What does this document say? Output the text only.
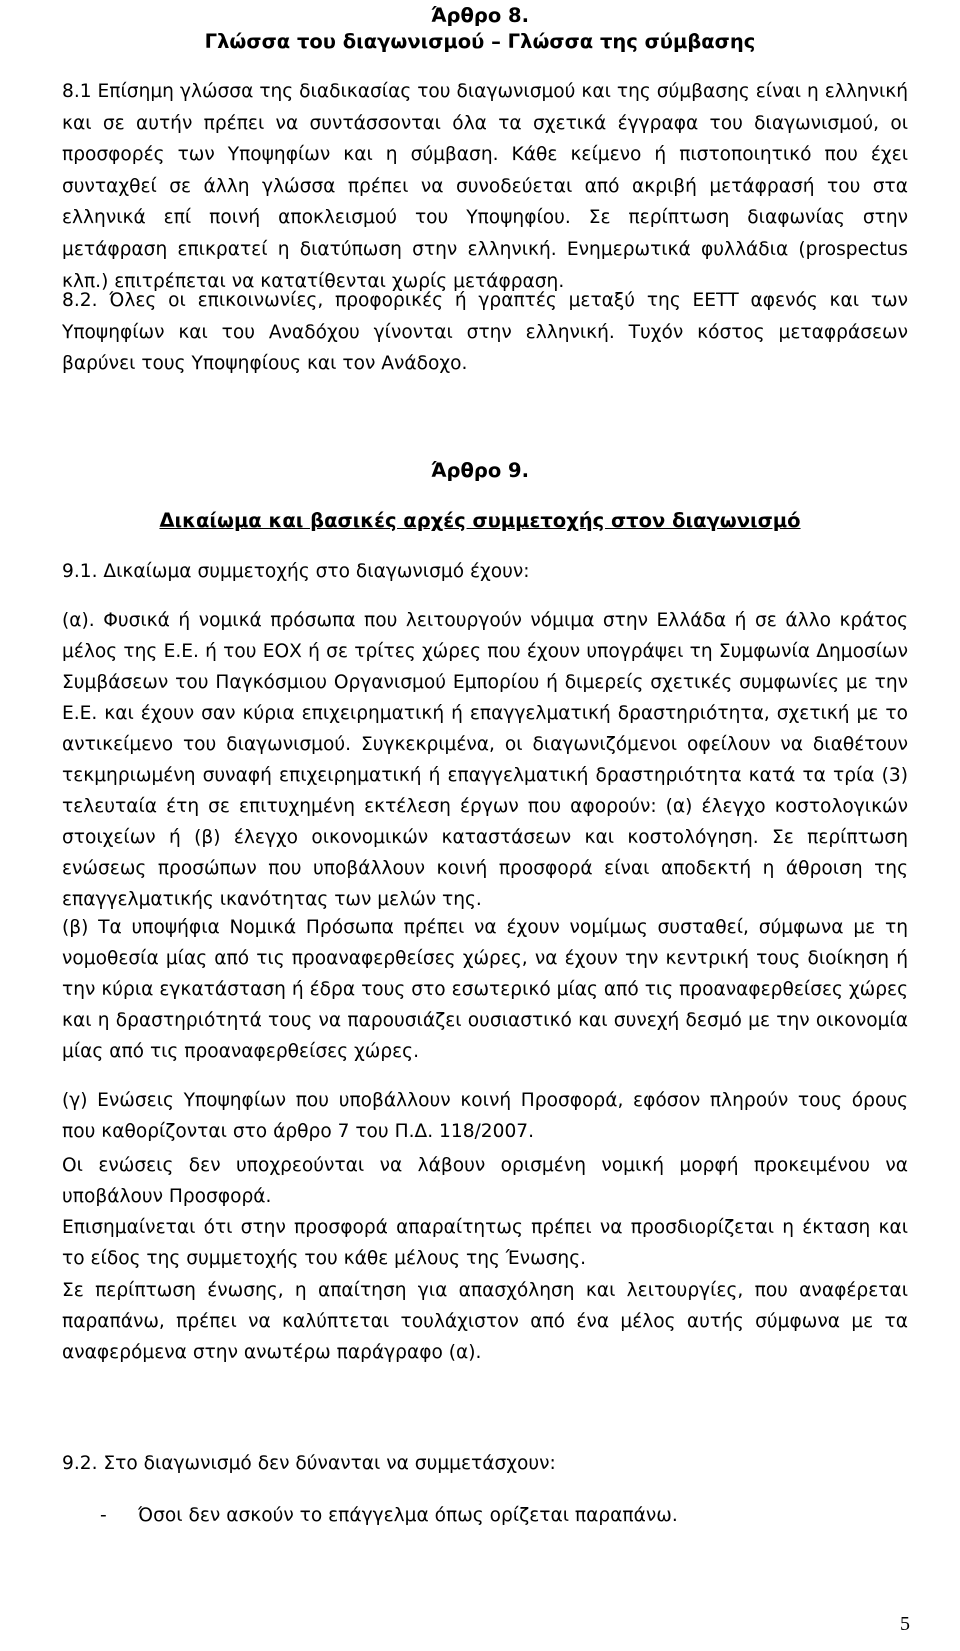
Άρθρο 8.
Γλώσσα του διαγωνισμού – Γλώσσα της σύμβασης

8.1 Επίσημη γλώσσα της διαδικασίας του διαγωνισμού και της σύμβασης είναι η ελληνική και σε αυτήν πρέπει να συντάσσονται όλα τα σχετικά έγγραφα του διαγωνισμού, οι προσφορές των Υποψηφίων και η σύμβαση. Κάθε κείμενο ή πιστοποιητικό που έχει συνταχθεί σε άλλη γλώσσα πρέπει να συνοδεύεται από ακριβή μετάφρασή του στα ελληνικά επί ποινή αποκλεισμού του Υποψηφίου. Σε περίπτωση διαφωνίας στην μετάφραση επικρατεί η διατύπωση στην ελληνική. Ενημερωτικά φυλλάδια (prospectus κλπ.) επιτρέπεται να κατατίθενται χωρίς μετάφραση.

8.2. Όλες οι επικοινωνίες, προφορικές ή γραπτές μεταξύ της ΕΕΤΤ αφενός και των Υποψηφίων και του Αναδόχου γίνονται στην ελληνική. Τυχόν κόστος μεταφράσεων βαρύνει τους Υποψηφίους και τον Ανάδοχο.

Άρθρο 9.
Δικαίωμα και βασικές αρχές συμμετοχής στον διαγωνισμό

9.1. Δικαίωμα συμμετοχής στο διαγωνισμό έχουν:

(α). Φυσικά ή νομικά πρόσωπα που λειτουργούν νόμιμα στην Ελλάδα ή σε άλλο κράτος μέλος της Ε.Ε. ή του ΕΟΧ ή σε τρίτες χώρες που έχουν υπογράψει τη Συμφωνία Δημοσίων Συμβάσεων του Παγκόσμιου Οργανισμού Εμπορίου ή διμερείς σχετικές συμφωνίες με την Ε.Ε. και έχουν σαν κύρια επιχειρηματική ή επαγγελματική δραστηριότητα, σχετική με το αντικείμενο του διαγωνισμού. Συγκεκριμένα, οι διαγωνιζόμενοι οφείλουν να διαθέτουν τεκμηριωμένη συναφή επιχειρηματική ή επαγγελματική δραστηριότητα κατά τα τρία (3) τελευταία έτη σε επιτυχημένη εκτέλεση έργων που αφορούν: (α) έλεγχο κοστολογικών στοιχείων ή (β) έλεγχο οικονομικών καταστάσεων και κοστολόγηση. Σε περίπτωση ενώσεως προσώπων που υποβάλλουν κοινή προσφορά είναι αποδεκτή η άθροιση της επαγγελματικής ικανότητας των μελών της.

(β) Τα υποψήφια Νομικά Πρόσωπα πρέπει να έχουν νομίμως συσταθεί, σύμφωνα με τη νομοθεσία μίας από τις προαναφερθείσες χώρες, να έχουν την κεντρική τους διοίκηση ή την κύρια εγκατάσταση ή έδρα τους στο εσωτερικό μίας από τις προαναφερθείσες χώρες και η δραστηριότητά τους να παρουσιάζει ουσιαστικό και συνεχή δεσμό με την οικονομία μίας από τις προαναφερθείσες χώρες.

(γ) Ενώσεις Υποψηφίων που υποβάλλουν κοινή Προσφορά, εφόσον πληρούν τους όρους που καθορίζονται στο άρθρο 7 του Π.Δ. 118/2007.

Οι ενώσεις δεν υποχρεούνται να λάβουν ορισμένη νομική μορφή προκειμένου να υποβάλουν Προσφορά.

Επισημαίνεται ότι στην προσφορά απαραίτητως πρέπει να προσδιορίζεται η έκταση και το είδος της συμμετοχής του κάθε μέλους της Ένωσης.

Σε περίπτωση ένωσης, η απαίτηση για απασχόληση και λειτουργίες, που αναφέρεται παραπάνω, πρέπει να καλύπτεται τουλάχιστον από ένα μέλος αυτής σύμφωνα με τα αναφερόμενα στην ανωτέρω παράγραφο (α).

9.2. Στο διαγωνισμό δεν δύνανται να συμμετάσχουν:

- Όσοι δεν ασκούν το επάγγελμα όπως ορίζεται παραπάνω.
5
